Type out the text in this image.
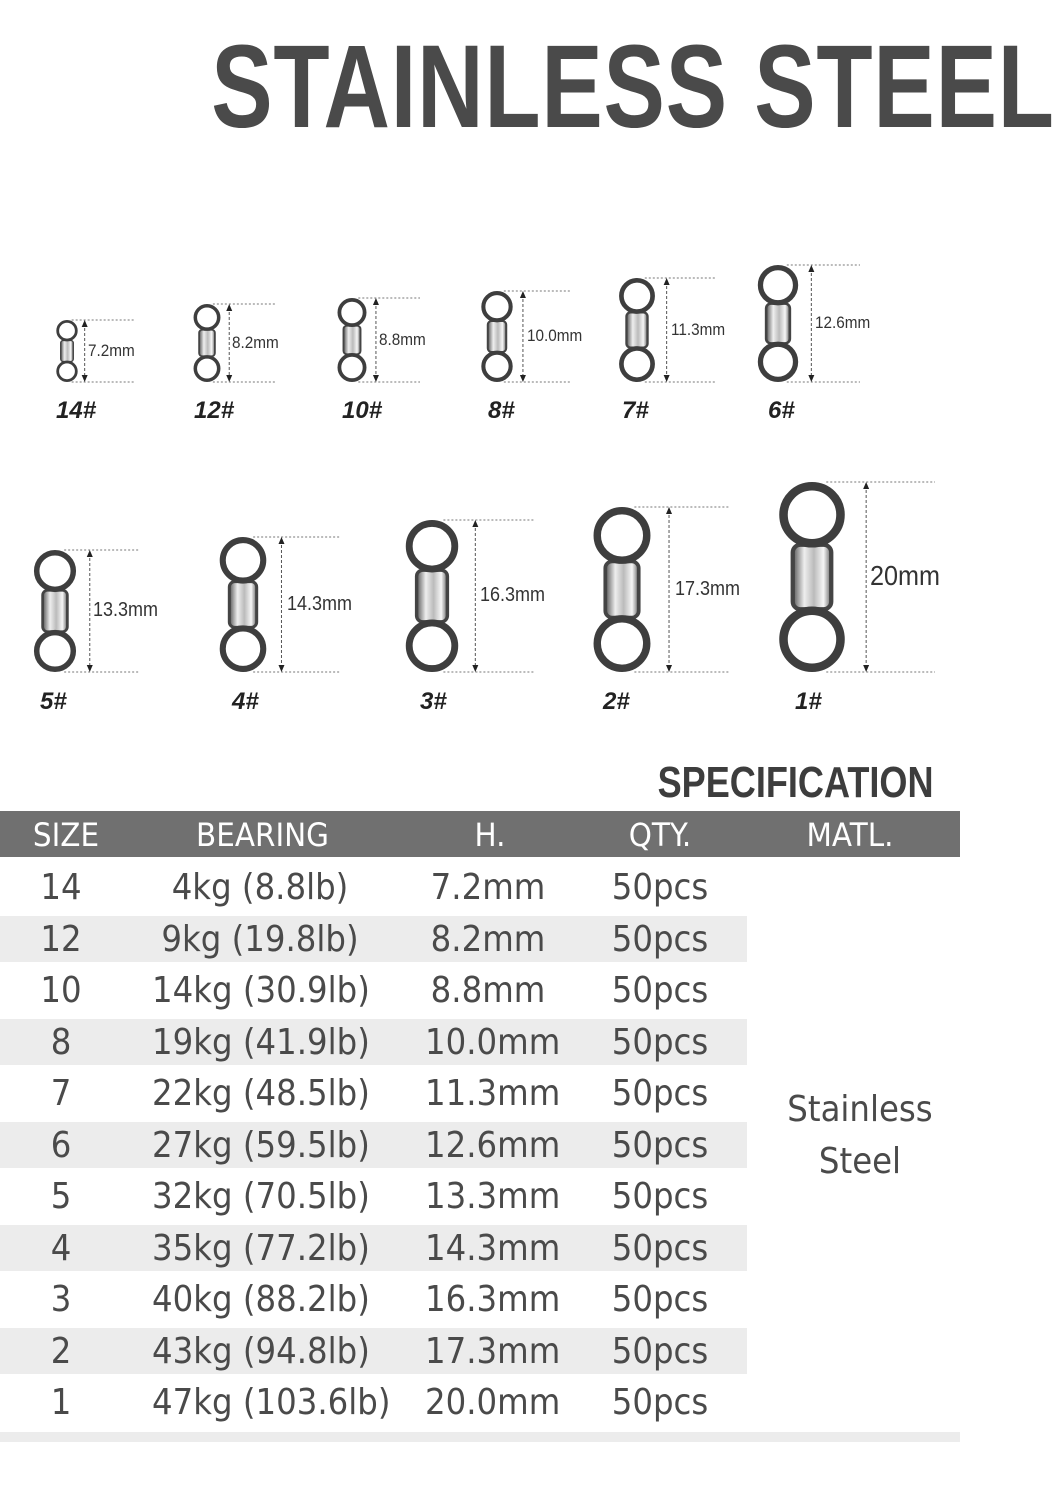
STAINLESS STEEL
14#
7.2mm
12#
8.2mm
10#
8.8mm
8#
10.0mm
7#
11.3mm
6#
12.6mm
5#
13.3mm
4#
14.3mm
3#
16.3mm
2#
17.3mm
1#
20mm
SPECIFICATION
SIZE	BEARING	H.	QTY.	MATL.
14	4kg (8.8lb)	7.2mm	50pcs
12	9kg (19.8lb) 8.2mm	50pcs
10	14kg (30.9lb) 8.8mm	50pcs
8	19kg (41.9lb) 10.0mm	50pcs
7	22kg (48.5lb) 11.3mm	50pcs
6	27kg (59.5lb) 12.6mm	50pcs
5	32kg (70.5lb) 13.3mm	50pcs
4	35kg (77.2lb) 14.3mm	50pcs
3	40kg (88.2lb) 16.3mm	50pcs
2	43kg (94.8lb) 17.3mm	50pcs
1	47kg (103.6lb) 20.0mm	50pcs
Stainless
Steel
